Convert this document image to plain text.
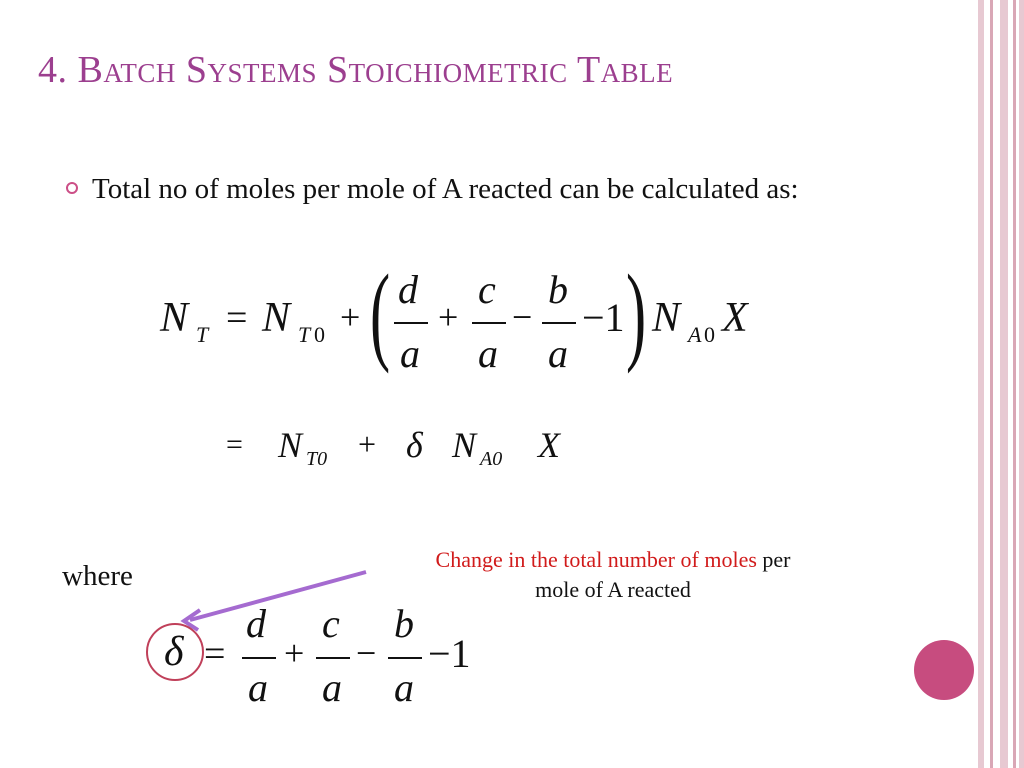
4. Batch Systems Stoichiometric Table
Total no of moles per mole of A reacted can be calculated as:
N T = N T 0 + ( d
a
+
c
a
−
b
a
−1 ) N A 0 X
= N T0 + δ N A0 X
where
Change in the total number of moles per
mole of A reacted
δ =
d
a
+
c
a
−
b
a
−1
